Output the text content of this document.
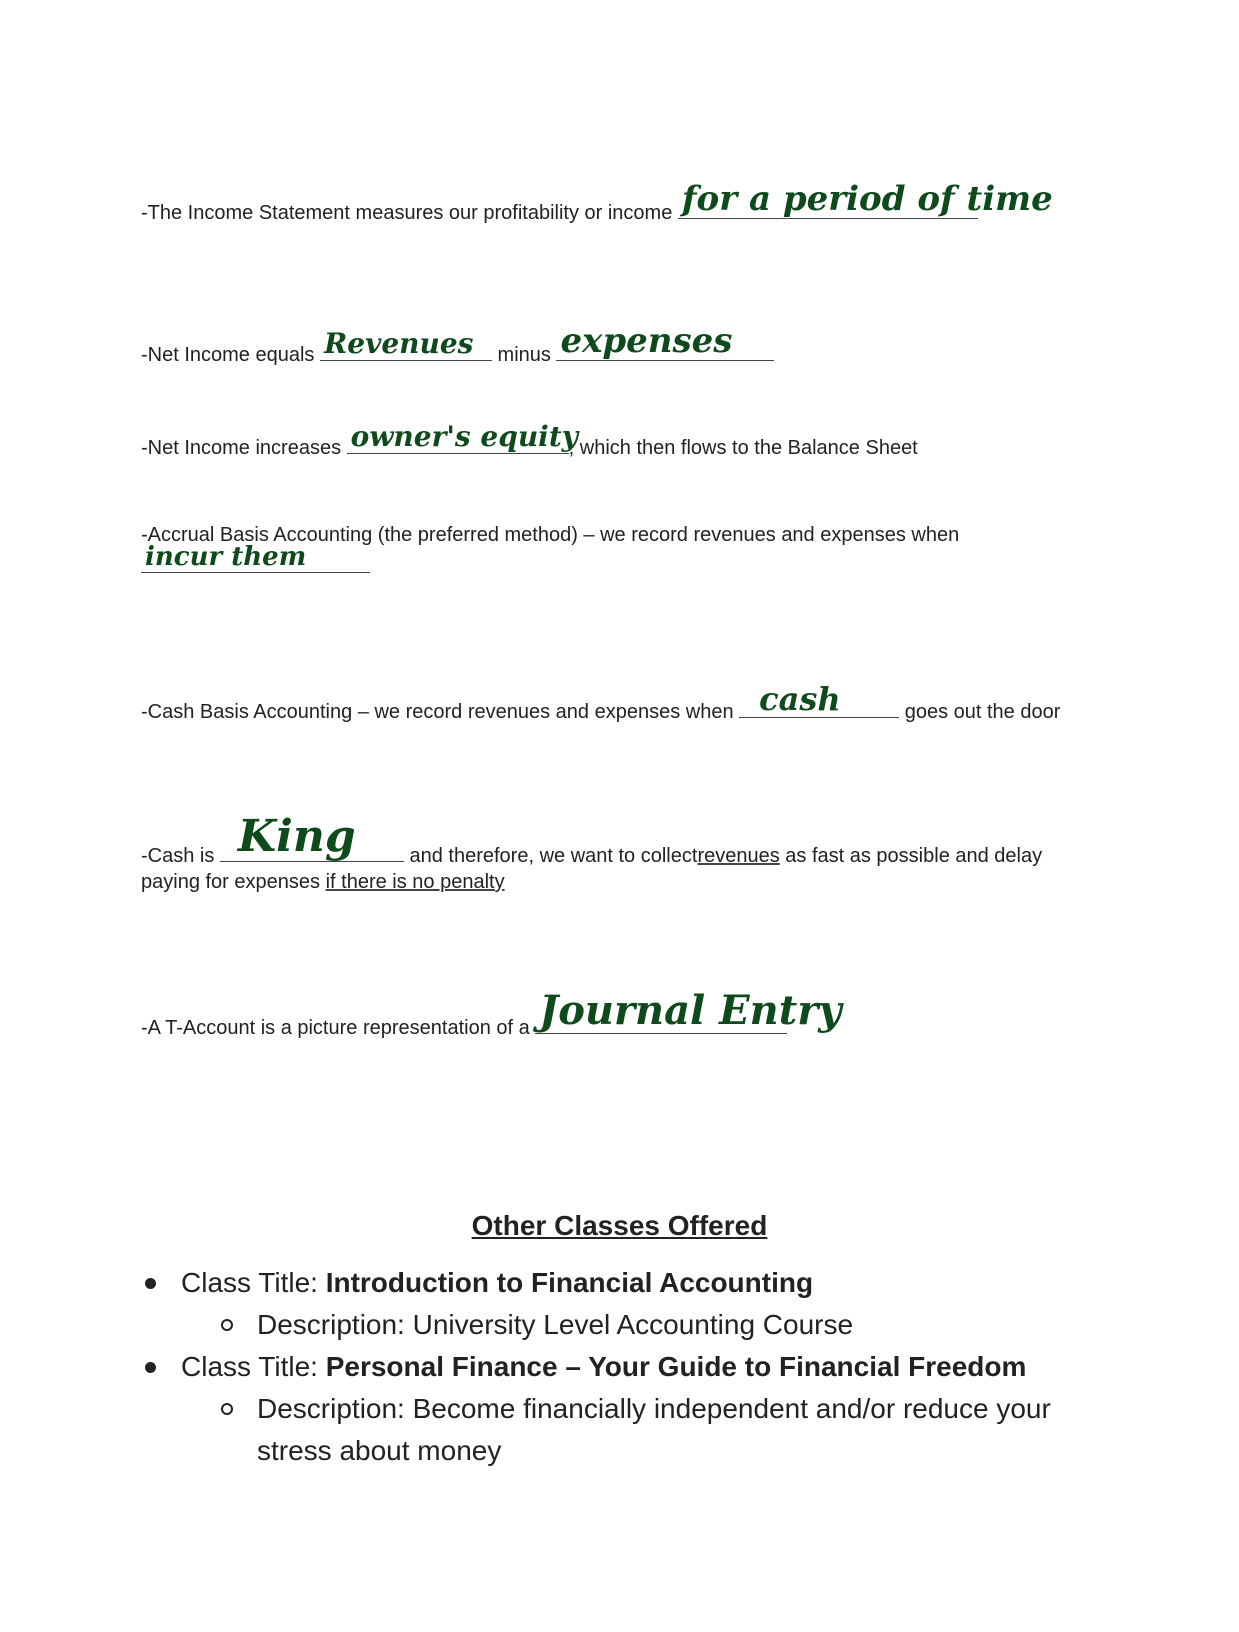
-The Income Statement measures our profitability or income for a period of time
-Net Income equals Revenues minus expenses
-Net Income increases owner's equity
, which then flows to the Balance Sheet
-Accrual Basis Accounting (the preferred method) – we record revenues and expenses when
incur them
-Cash Basis Accounting – we record revenues and expenses when cash	goes out the door
-Cash is King	and therefore, we want to collectrevenues as fast as possible and delay
paying for expenses if there is no penalty
-A T-Account is a picture representation of a Journal Entry
Other Classes Offered
Class Title: Introduction to Financial Accounting
Description: University Level Accounting Course
Class Title: Personal Finance – Your Guide to Financial Freedom
Description: Become financially independent and/or reduce your stress about money
